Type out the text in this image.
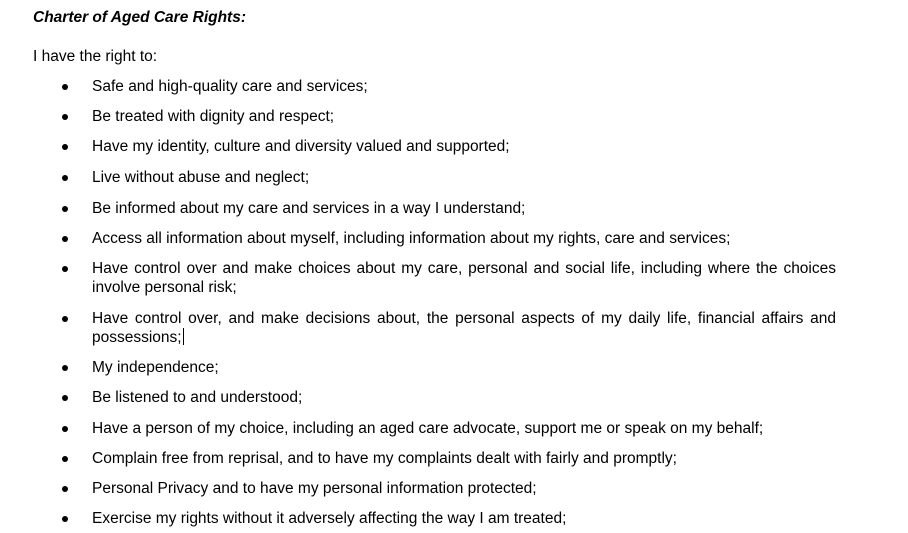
Charter of Aged Care Rights:
I have the right to:
Safe and high-quality care and services;
Be treated with dignity and respect;
Have my identity, culture and diversity valued and supported;
Live without abuse and neglect;
Be informed about my care and services in a way I understand;
Access all information about myself, including information about my rights, care and services;
Have control over and make choices about my care, personal and social life, including where the choices involve personal risk;
Have control over, and make decisions about, the personal aspects of my daily life, financial affairs and possessions;
My independence;
Be listened to and understood;
Have a person of my choice, including an aged care advocate, support me or speak on my behalf;
Complain free from reprisal, and to have my complaints dealt with fairly and promptly;
Personal Privacy and to have my personal information protected;
Exercise my rights without it adversely affecting the way I am treated;
